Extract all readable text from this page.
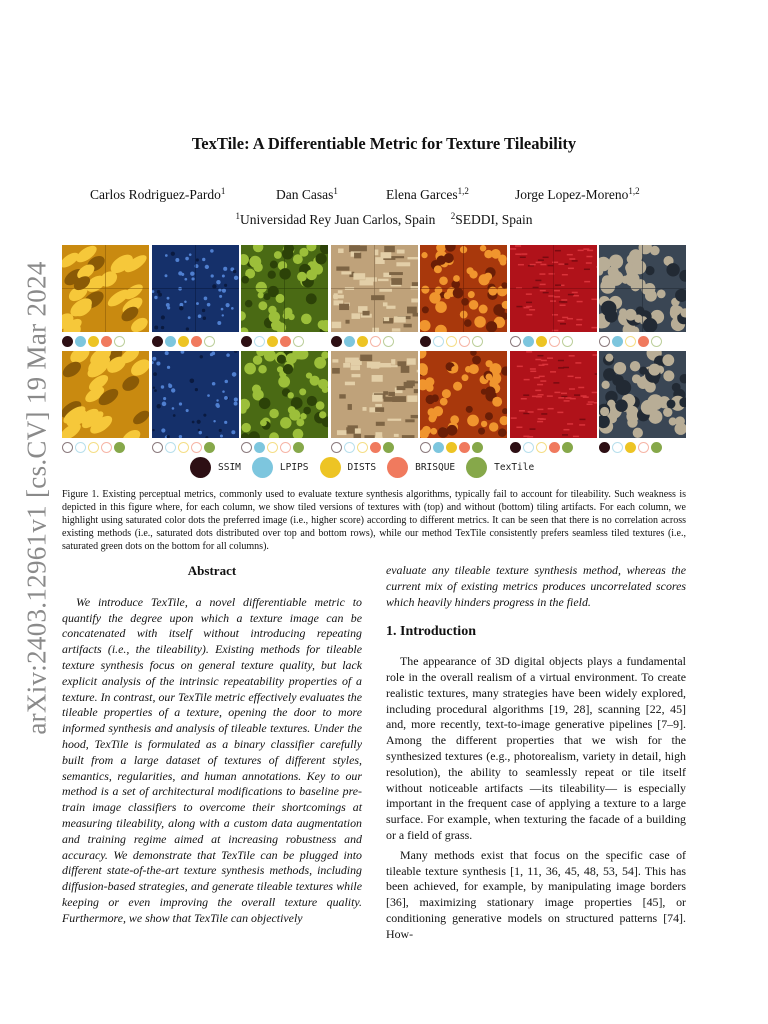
arXiv:2403.12961v1 [cs.CV] 19 Mar 2024
TexTile: A Differentiable Metric for Texture Tileability
Carlos Rodriguez-Pardo$^1$	Dan Casas$^1$	Elena Garces$^{1,2}$	Jorge Lopez-Moreno$^{1,2}$
$^1$Universidad Rey Juan Carlos, Spain $^2$SEDDI, Spain
SSIM	LPIPS	DISTS	BRISQUE	TexTile
Figure 1. Existing perceptual metrics, commonly used to evaluate texture synthesis algorithms, typically fail to account for tileability. Such weakness is depicted in this figure where, for each column, we show tiled versions of textures with (top) and without (bottom) tiling artifacts. For each column, we highlight using saturated color dots the preferred image (i.e., higher score) according to different metrics. It can be seen that there is no correlation across existing methods (i.e., saturated dots distributed over top and bottom rows), while our method TexTile consistently prefers seamless tiled textures (i.e., saturated green dots on the bottom for all columns).
Abstract

We introduce TexTile, a novel differentiable metric to quantify the degree upon which a texture image can be concatenated with itself without introducing repeating artifacts (i.e., the tileability). Existing methods for tileable texture synthesis focus on general texture quality, but lack explicit analysis of the intrinsic repeatability properties of a texture. In contrast, our TexTile metric effectively evaluates the tileable properties of a texture, opening the door to more informed synthesis and analysis of tileable textures. Under the hood, TexTile is formulated as a binary classifier carefully built from a large dataset of textures of different styles, semantics, regularities, and human annotations. Key to our method is a set of architectural modifications to baseline pre-train image classifiers to overcome their shortcomings at measuring tileability, along with a custom data augmentation and training regime aimed at increasing robustness and accuracy. We demonstrate that TexTile can be plugged into different state-of-the-art texture synthesis methods, including diffusion-based strategies, and generate tileable textures while keeping or even improving the overall texture quality. Furthermore, we show that TexTile can objectively

evaluate any tileable texture synthesis method, whereas the current mix of existing metrics produces uncorrelated scores which heavily hinders progress in the field.

1. Introduction

The appearance of 3D digital objects plays a fundamental role in the overall realism of a virtual environment. To create realistic textures, many strategies have been widely explored, including procedural algorithms [19, 28], scanning [22, 45] and, more recently, text-to-image generative pipelines [7–9]. Among the different properties that we wish for the synthesized textures (e.g., photorealism, variety in detail, high resolution), the ability to seamlessly repeat or tile itself without noticeable artifacts —its tileability— is especially important in the frequent case of applying a texture to a large surface. For example, when texturing the facade of a building or a field of grass.

Many methods exist that focus on the specific case of tileable texture synthesis [1, 11, 36, 45, 48, 53, 54]. This has been achieved, for example, by manipulating image borders [36], maximizing stationary image properties [45], or conditioning generative models on structured patterns [74]. How-
